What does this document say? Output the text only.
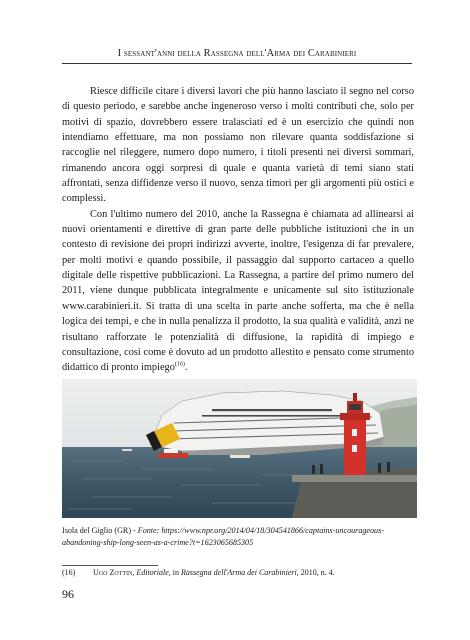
I sessant'anni della Rassegna dell'Arma dei Carabinieri

Riesce difficile citare i diversi lavori che più hanno lasciato il segno nel corso di questo periodo, e sarebbe anche ingeneroso verso i molti contributi che, solo per motivi di spazio, dovrebbero essere tralasciati ed è un esercizio che quindi non intendiamo effettuare, ma non possiamo non rilevare quanta soddisfazione si raccoglie nel rileggere, numero dopo numero, i titoli presenti nei diversi sommari, rimanendo ancora oggi sorpresi di quale e quanta varietà di temi siano stati affrontati, senza diffidenze verso il nuovo, senza timori per gli argomenti più ostici e complessi.

Con l'ultimo numero del 2010, anche la Rassegna è chiamata ad allinearsi ai nuovi orientamenti e direttive di gran parte delle pubbliche istituzioni che in un contesto di revisione dei propri indirizzi avverte, inoltre, l'esigenza di far prevalere, per molti motivi e quando possibile, il passaggio dal supporto cartaceo a quello digitale delle rispettive pubblicazioni. La Rassegna, a partire del primo numero del 2011, viene dunque pubblicata integralmente e unicamente sul sito istituzionale www.carabinieri.it. Si tratta di una scelta in parte anche sofferta, ma che è nella logica dei tempi, e che in nulla penalizza il prodotto, la sua qualità e validità, anzi ne risultano rafforzate le potenzialità di diffusione, la rapidità di impiego e consultazione, così come è dovuto ad un prodotto allestito e pensato come strumento didattico di pronto impiego$^{(16)}$.

Isola del Giglio (GR) - Fonte: https://www.npr.org/2014/04/18/304541866/captains-uncourageous-abandoning-ship-long-seen-as-a-crime?t=1623065685305
(16) Ugo Zottin, Editoriale, in Rassegna dell'Arma dei Carabinieri, 2010, n. 4.
96
